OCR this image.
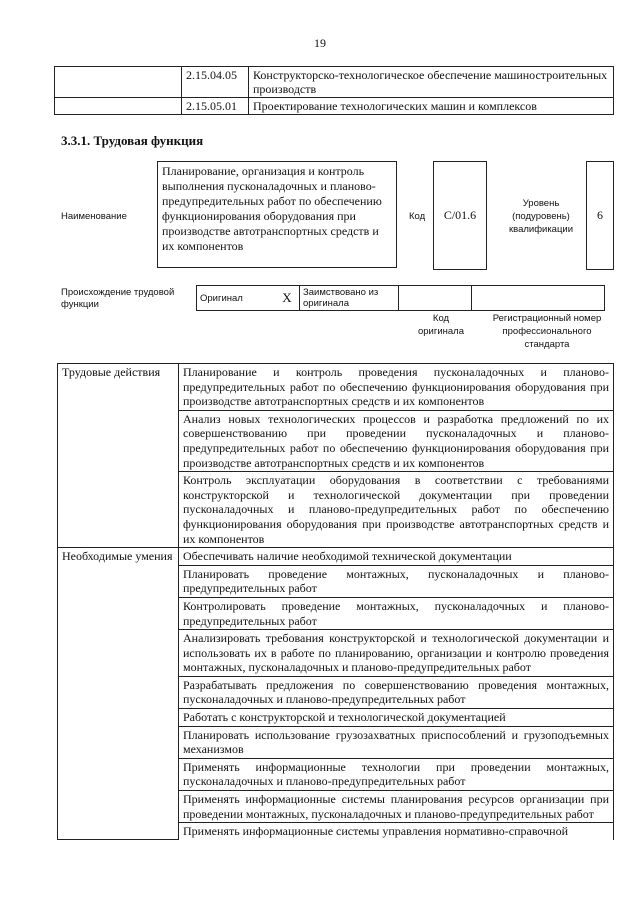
19
	2.15.04.05	Конструкторско-технологическое обеспечение машиностроительных производств
	2.15.05.01	Проектирование технологических машин и комплексов
3.3.1. Трудовая функция
Наименование
Планирование, организация и контроль выполнения пусконаладочных и планово-предупредительных работ по обеспечению функционирования оборудования при производстве автотранспортных средств и их компонентов
Код	C/01.6
Уровень (подуровень) квалификации
6
Происхождение трудовой функции
Оригинал	X	Заимствовано из оригинала		
Код оригинала
Регистрационный номер профессионального стандарта
Трудовые действия	Планирование и контроль проведения пусконаладочных и планово-предупредительных работ по обеспечению функционирования оборудования при производстве автотранспортных средств и их компонентов
	Анализ новых технологических процессов и разработка предложений по их совершенствованию при проведении пусконаладочных и планово-предупредительных работ по обеспечению функционирования оборудования при производстве автотранспортных средств и их компонентов
	Контроль эксплуатации оборудования в соответствии с требованиями конструкторской и технологической документации при проведении пусконаладочных и планово-предупредительных работ по обеспечению функционирования оборудования при производстве автотранспортных средств и их компонентов
Необходимые умения	Обеспечивать наличие необходимой технической документации
	Планировать проведение монтажных, пусконаладочных и планово-предупредительных работ
	Контролировать проведение монтажных, пусконаладочных и планово-предупредительных работ
	Анализировать требования конструкторской и технологической документации и использовать их в работе по планированию, организации и контролю проведения монтажных, пусконаладочных и планово-предупредительных работ
	Разрабатывать предложения по совершенствованию проведения монтажных, пусконаладочных и планово-предупредительных работ
	Работать с конструкторской и технологической документацией
	Планировать использование грузозахватных приспособлений и грузоподъемных механизмов
	Применять информационные технологии при проведении монтажных, пусконаладочных и планово-предупредительных работ
	Применять информационные системы планирования ресурсов организации при проведении монтажных, пусконаладочных и планово-предупредительных работ
	Применять информационные системы управления нормативно-справочной
